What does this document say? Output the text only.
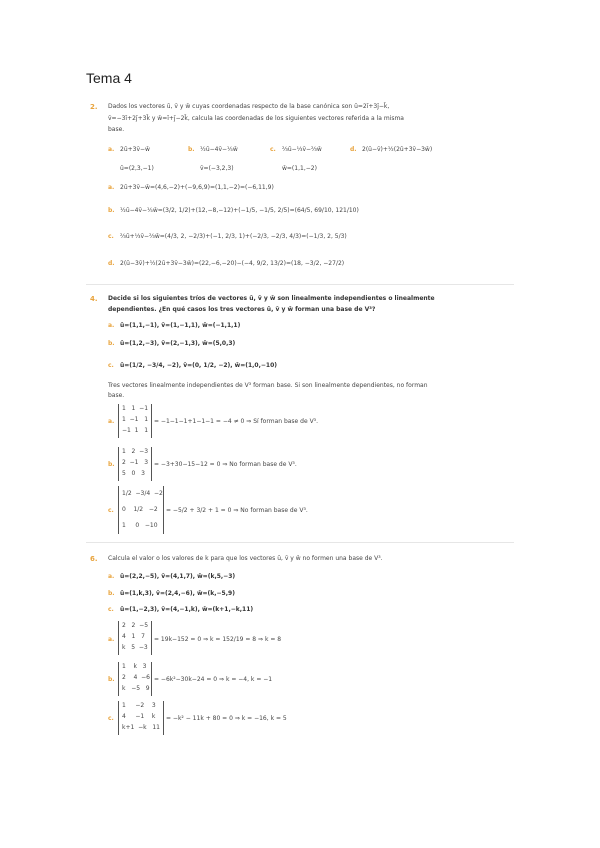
Tema 4
2. Dados los vectores ū, v̄ y w̄ cuyas coordenadas respecto de la base canónica son ū=2ī+3j̄−k̄,
v̄=−3ī+2j̄+3k̄ y w̄=ī+j̄−2k̄, calcula las coordenadas de los siguientes vectores referida a la misma
base.
a. 2ū+3v̄−w̄	b. ½ū−4v̄−⅕w̄	c. ⅔ū−⅓v̄−⅔w̄	d. 2(ū−v̄)+½(2ū+3v̄−3w̄)
ū=(2,3,−1)	v̄=(−3,2,3)	w̄=(1,1,−2)
a. 2ū+3v̄−w̄=(4,6,−2)+(−9,6,9)=(1,1,−2)=(−6,11,9)
b. ½ū−4v̄−⅕w̄=(3/2, 1/2)+(12,−8,−12)+(−1/5, −1/5, 2/5)=(64/5, 69/10, 121/10)
c. ⅔ū+⅓v̄−⅔w̄=(4/3, 2, −2/3)+(−1, 2/3, 1)+(−2/3, −2/3, 4/3)=(−1/3, 2, 5/3)
d. 2(ū−3v̄)+½(2ū+3v̄−3w̄)=(22,−6,−20)−(−4, 9/2, 13/2)=(18, −3/2, −27/2)
4. Decide si los siguientes tríos de vectores ū, v̄ y w̄ son linealmente independientes o linealmente
dependientes. ¿En qué casos los tres vectores ū, v̄ y w̄ forman una base de V³?
a. ū=(1,1,−1), v̄=(1,−1,1), w̄=(−1,1,1)
b. ū=(1,2,−3), v̄=(2,−1,3), w̄=(5,0,3)
c. ū=(1/2, −3/4, −2), v̄=(0, 1/2, −2), w̄=(1,0,−10)
Tres vectores linealmente independientes de V³ forman base. Si son linealmente dependientes, no forman
base.
a.
1   1  −1
1  −1   1
−1  1   1
= −1−1−1+1−1−1 = −4 ≠ 0 ⇒ Sí forman base de V³.
b.
1   2  −3
2  −1   3
5   0   3
= −3+30−15−12 = 0 ⇒ No forman base de V³.
c.
1/2  −3/4  −2
0    1/2   −2
1     0   −10
= −5/2 + 3/2 + 1 = 0 ⇒ No forman base de V³.
6. Calcula el valor o los valores de k para que los vectores ū, v̄ y w̄ no formen una base de V³.
a. ū=(2,2,−5), v̄=(4,1,7), w̄=(k,5,−3)
b. ū=(1,k,3), v̄=(2,4,−6), w̄=(k,−5,9)
c. ū=(1,−2,3), v̄=(4,−1,k), w̄=(k+1,−k,11)
a.
2   2  −5
4   1   7
k   5  −3
= 19k−152 = 0 ⇒ k = 152/19 = 8 ⇒ k = 8
b.
1    k   3
2    4  −6
k   −5   9
= −6k²−30k−24 = 0 ⇒ k = −4, k = −1
c.
1     −2    3
4     −1    k
k+1  −k   11
= −k² − 11k + 80 = 0 ⇒ k = −16, k = 5
